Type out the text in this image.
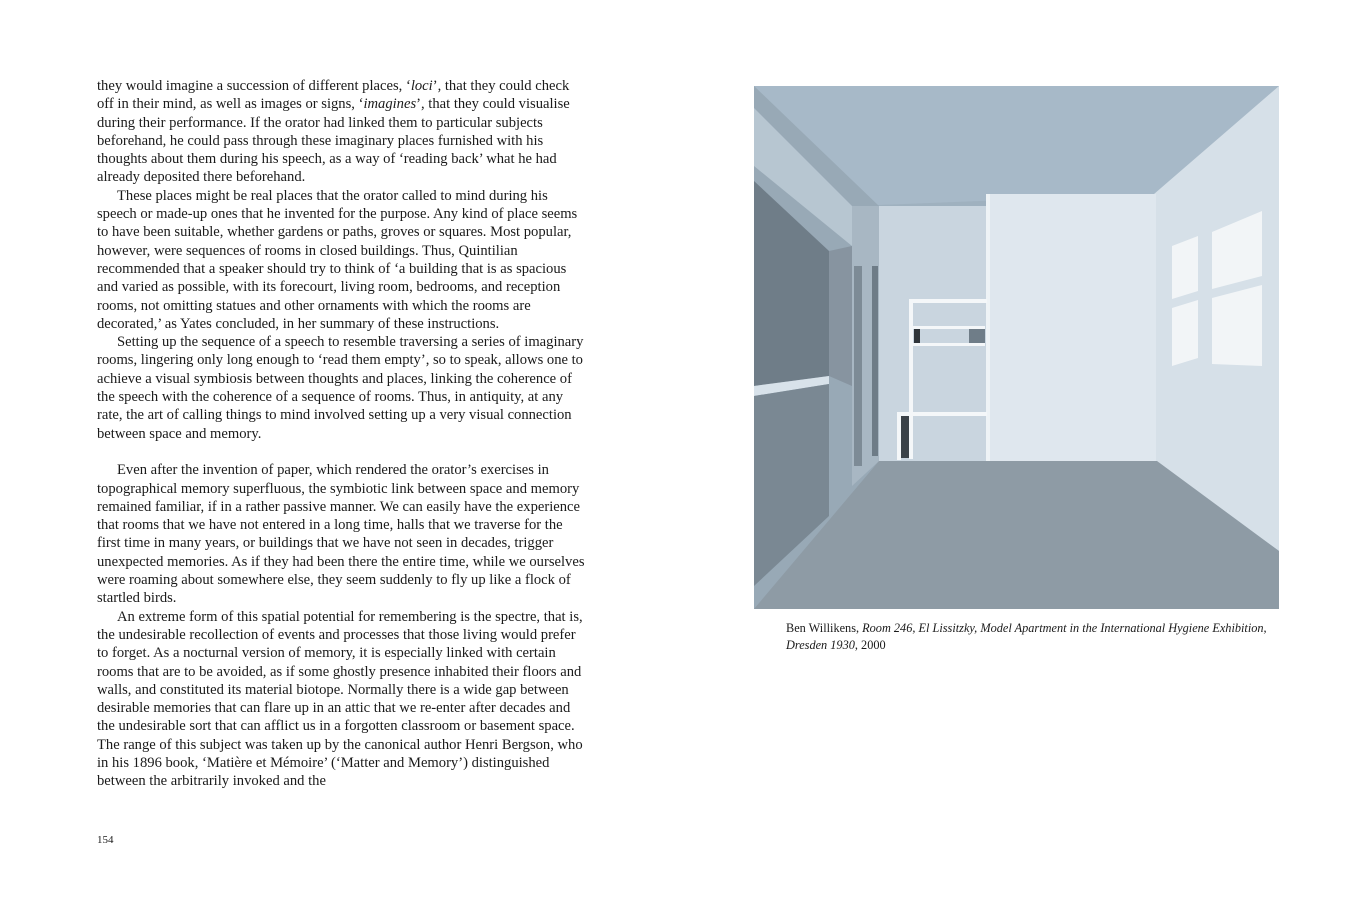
they would imagine a succession of different places, ‘loci’, that they could check off in their mind, as well as images or signs, ‘imagines’, that they could visualise during their performance. If the orator had linked them to particular subjects beforehand, he could pass through these imaginary places furnished with his thoughts about them during his speech, as a way of ‘reading back’ what he had already deposited there beforehand.

These places might be real places that the orator called to mind during his speech or made-up ones that he invented for the purpose. Any kind of place seems to have been suitable, whether gardens or paths, groves or squares. Most popular, however, were sequences of rooms in closed buildings. Thus, Quintilian recommended that a speaker should try to think of ‘a building that is as spacious and varied as possible, with its forecourt, living room, bedrooms, and reception rooms, not omitting statues and other ornaments with which the rooms are decorated,’ as Yates concluded, in her summary of these instructions.

Setting up the sequence of a speech to resemble traversing a series of imaginary rooms, lingering only long enough to ‘read them empty’, so to speak, allows one to achieve a visual symbiosis between thoughts and places, linking the coherence of the speech with the coherence of a sequence of rooms. Thus, in antiquity, at any rate, the art of calling things to mind involved setting up a very visual connection between space and memory.

Even after the invention of paper, which rendered the orator’s exercises in topographical memory superfluous, the symbiotic link between space and memory remained familiar, if in a rather passive manner. We can easily have the experience that rooms that we have not entered in a long time, halls that we traverse for the first time in many years, or buildings that we have not seen in decades, trigger unexpected memories. As if they had been there the entire time, while we ourselves were roaming about somewhere else, they seem suddenly to fly up like a flock of startled birds.

An extreme form of this spatial potential for remembering is the spectre, that is, the undesirable recollection of events and processes that those living would prefer to forget. As a nocturnal version of memory, it is especially linked with certain rooms that are to be avoided, as if some ghostly presence inhabited their floors and walls, and constituted its material biotope. Normally there is a wide gap between desirable memories that can flare up in an attic that we re-enter after decades and the undesirable sort that can afflict us in a forgotten classroom or basement space. The range of this subject was taken up by the canonical author Henri Bergson, who in his 1896 book, ‘Matière et Mémoire’ (‘Matter and Memory’) distinguished between the arbitrarily invoked and the

154
Ben Willikens, Room 246, El Lissitzky, Model Apartment in the International Hygiene Exhibition, Dresden 1930, 2000
